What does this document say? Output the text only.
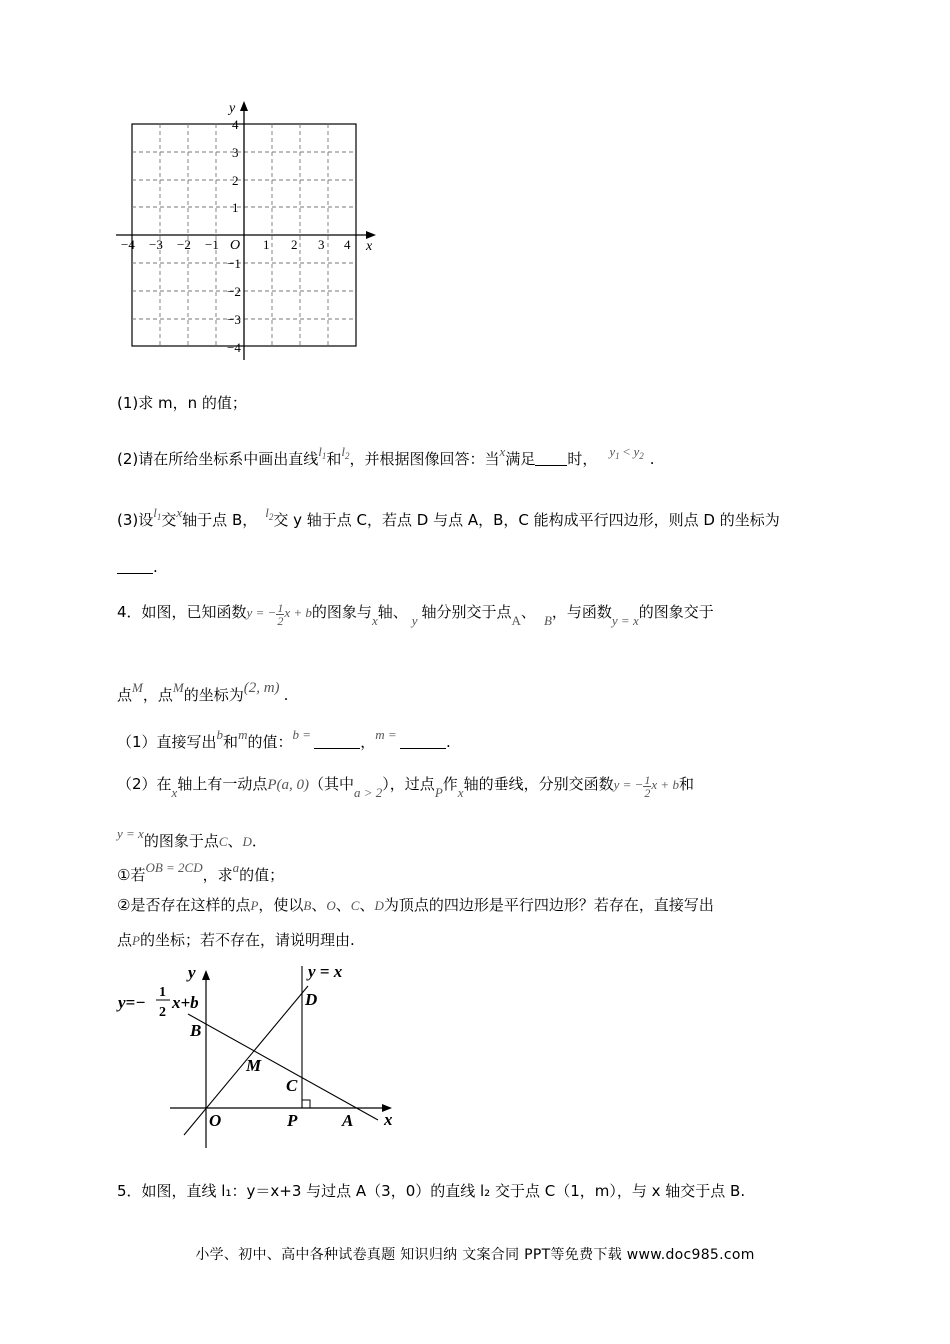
y
x
O
−4 −3 −2 −1	1 2 3 4
4
3
2
1
−1
−2
−3
−4
(1)求 m，n 的值；
(2)请在所给坐标系中画出直线$l_1$和$l_2$，并根据图像回答：当x满足 时， $y_1 < y_2$ .
(3)设$l_1$交x轴于点 B， $l_2$交 y 轴于点 C，若点 D 与点 A，B，C 能构成平行四边形，则点 D 的坐标为
.
4．如图，已知函数y = − $\frac{1}{2}$ x + b的图象与x轴、 y 轴分别交于点A、 B，与函数y = x的图象交于
点M，点M的坐标为(2, m) .
（1）直接写出b和m的值：b =	，m =	.
（2）在x轴上有一动点P(a, 0)（其中a > 2），过点P作x轴的垂线，分别交函数y = − $\frac{1}{2}$ x + b和
y = x的图象于点C、D．
①若OB = 2CD，求a的值；
②是否存在这样的点P，使以B、O、C、D为顶点的四边形是平行四边形？若存在，直接写出
点P的坐标；若不存在，请说明理由.
y
x
y = x
y=−
1
2
x+b
B
M
C
D
O	P	A
5．如图，直线 l₁：y＝x+3 与过点 A（3，0）的直线 l₂ 交于点 C（1，m），与 x 轴交于点 B.
小学、初中、高中各种试卷真题 知识归纳 文案合同 PPT等免费下载 www.doc985.com
